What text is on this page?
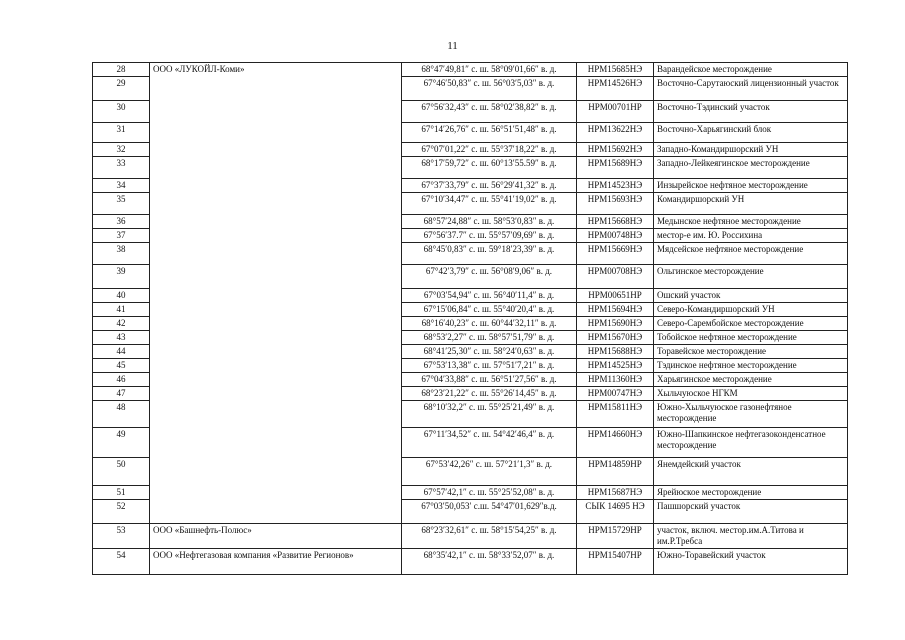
11
28	ООО «ЛУКОЙЛ-Коми»	68°47′49,81″ с. ш. 58°09′01,66″ в. д.	НРМ15685НЭ	Варандейское месторождение
29		67°46′50,83″ с. ш. 56°03′5,03″ в. д.	НРМ14526НЭ	Восточно-Сарутаюский лицензионный участок
30		67°56′32,43″ с. ш. 58°02′38,82″ в. д.	НРМ00701НР	Восточно-Тэдинский участок
31		67°14′26,76″ с. ш. 56°51′51,48″ в. д.	НРМ13622НЭ	Восточно-Харьягинский блок
32		67°07′01,22″ с. ш. 55°37′18,22″ в. д.	НРМ15692НЭ	Западно-Командиршорский УН
33		68°17′59,72″ с. ш. 60°13′55.59″ в. д.	НРМ15689НЭ	Западно-Лейкеягинское месторождение
34		67°37′33,79″ с. ш. 56°29′41,32″ в. д.	НРМ14523НЭ	Инзырейское нефтяное месторождение
35		67°10′34,47″ с. ш. 55°41′19,02″ в. д.	НРМ15693НЭ	Командиршорский УН
36		68°57′24,88″ с. ш. 58°53′0,83″ в. д.	НРМ15668НЭ	Медынское нефтяное месторождение
37		67°56′37.7″ с. ш. 55°57′09,69″ в. д.	НРМ00748НЭ	местор-е им. Ю. Россихина
38		68°45′0,83″ с. ш. 59°18′23,39″ в. д.	НРМ15669НЭ	Мядсейское нефтяное месторождение
39		67°42′3,79″ с. ш. 56°08′9,06″ в. д.	НРМ00708НЭ	Ольгинское месторождение
40		67°03′54,94″ с. ш. 56°40′11,4″ в. д.	НРМ00651НР	Ошский участок
41		67°15′06,84″ с. ш. 55°40′20,4″ в. д.	НРМ15694НЭ	Северо-Командиршорский УН
42		68°16′40,23″ с. ш. 60°44′32,11″ в. д.	НРМ15690НЭ	Северо-Сарембойское месторождение
43		68°53′2,27″ с. ш. 58°57′51,79″ в. д.	НРМ15670НЭ	Тобойское нефтяное месторождение
44		68°41′25,30″ с. ш. 58°24′0,63″ в. д.	НРМ15688НЭ	Торавейское месторождение
45		67°53′13,38″ с. ш. 57°51′7,21″ в. д.	НРМ14525НЭ	Тэдинское нефтяное месторождение
46		67°04′33,88″ с. ш. 56°51′27,56″ в. д.	НРМ11360НЭ	Харьягинское месторождение
47		68°23′21,22″ с. ш. 55°26′14,45″ в. д.	НРМ00747НЭ	Хыльчуюское НГКМ
48		68°10′32,2″ с. ш. 55°25′21,49″ в. д.	НРМ15811НЭ	Южно-Хыльчуюское газонефтяное месторождение
49		67°11′34,52″ с. ш. 54°42′46,4″ в. д.	НРМ14660НЭ	Южно-Шапкинское нефтегазоконденсатное месторождение
50		67°53′42,26″ с. ш. 57°21′1,3″ в. д.	НРМ14859НР	Янемдейский участок
51		67°57′42,1″ с. ш. 55°25′52,08″ в. д.	НРМ15687НЭ	Ярейюское месторождение
52		67°03′50,053′ с.ш. 54°47′01,629″в.д.	СЫК 14695 НЭ	Пашшорский участок
53	ООО «Башнефть-Полюс»	68°23′32,61″ с. ш. 58°15′54,25″ в. д.	НРМ15729НР	участок, включ. местор.им.А.Титова и им.Р.Требса
54	ООО «Нефтегазовая компания «Развитие Регионов»	68°35′42,1″ с. ш. 58°33′52,07″ в. д.	НРМ15407НР	Южно-Торавейский участок
